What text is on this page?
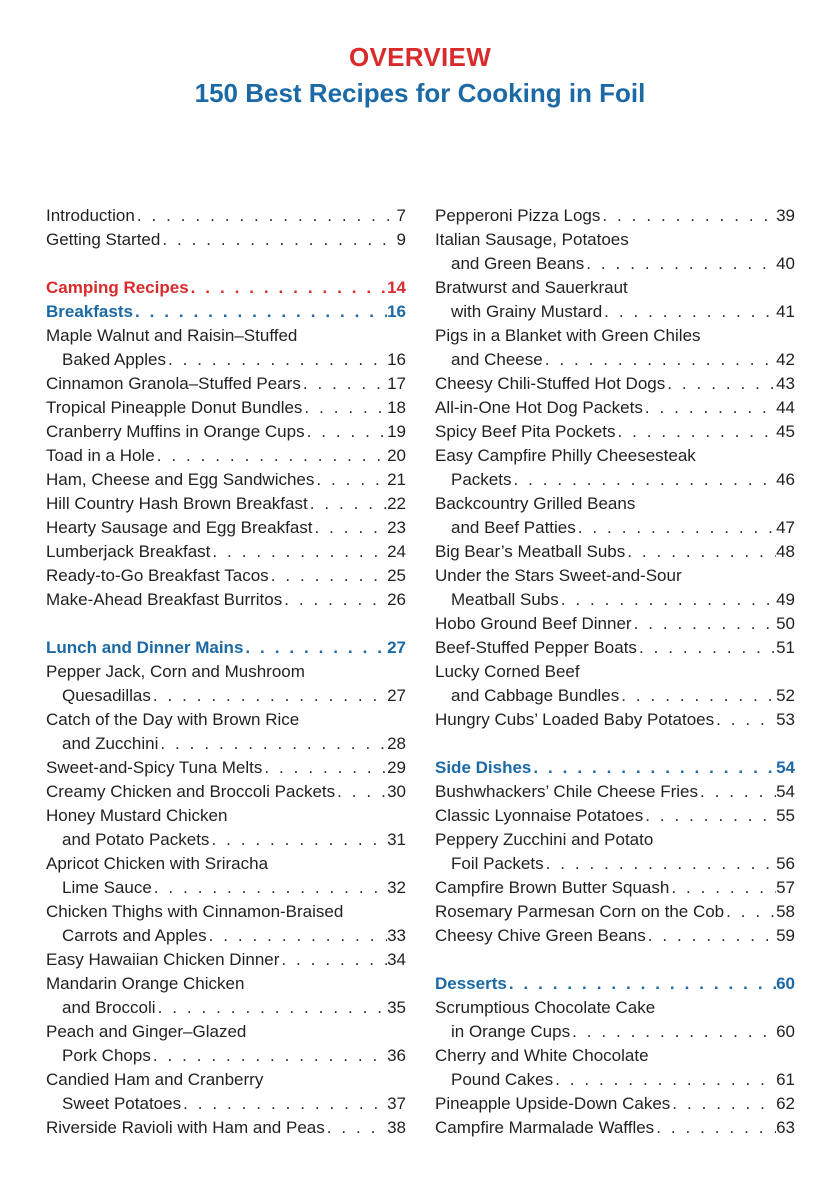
OVERVIEW
150 Best Recipes for Cooking in Foil
Introduction . . .	7
Getting Started . . .	9
Camping Recipes . . .	14
Breakfasts . . .	16
Maple Walnut and Raisin–Stuffed
Baked Apples . . .	16
Cinnamon Granola–Stuffed Pears . . .	17
Tropical Pineapple Donut Bundles . . .	18
Cranberry Muffins in Orange Cups . . .	19
Toad in a Hole . . .	20
Ham, Cheese and Egg Sandwiches . . .	21
Hill Country Hash Brown Breakfast . . .	22
Hearty Sausage and Egg Breakfast . . .	23
Lumberjack Breakfast . . .	24
Ready-to-Go Breakfast Tacos . . .	25
Make-Ahead Breakfast Burritos . . .	26
Lunch and Dinner Mains . . .	27
Pepper Jack, Corn and Mushroom
Quesadillas . . .	27
Catch of the Day with Brown Rice
and Zucchini . . .	28
Sweet-and-Spicy Tuna Melts . . .	29
Creamy Chicken and Broccoli Packets . . .	30
Honey Mustard Chicken
and Potato Packets . . .	31
Apricot Chicken with Sriracha
Lime Sauce . . .	32
Chicken Thighs with Cinnamon-Braised
Carrots and Apples . . .	33
Easy Hawaiian Chicken Dinner . . .	34
Mandarin Orange Chicken
and Broccoli . . .	35
Peach and Ginger–Glazed
Pork Chops . . .	36
Candied Ham and Cranberry
Sweet Potatoes . . .	37
Riverside Ravioli with Ham and Peas . . .	38
Pepperoni Pizza Logs . . .	39
Italian Sausage, Potatoes
and Green Beans . . .	40
Bratwurst and Sauerkraut
with Grainy Mustard . . .	41
Pigs in a Blanket with Green Chiles
and Cheese . . .	42
Cheesy Chili-Stuffed Hot Dogs . . .	43
All-in-One Hot Dog Packets . . .	44
Spicy Beef Pita Pockets . . .	45
Easy Campfire Philly Cheesesteak
Packets . . .	46
Backcountry Grilled Beans
and Beef Patties . . .	47
Big Bear’s Meatball Subs . . .	48
Under the Stars Sweet-and-Sour
Meatball Subs . . .	49
Hobo Ground Beef Dinner . . .	50
Beef-Stuffed Pepper Boats . . .	51
Lucky Corned Beef
and Cabbage Bundles . . .	52
Hungry Cubs’ Loaded Baby Potatoes . . .	53
Side Dishes . . .	54
Bushwhackers’ Chile Cheese Fries . . .	54
Classic Lyonnaise Potatoes . . .	55
Peppery Zucchini and Potato
Foil Packets . . .	56
Campfire Brown Butter Squash . . .	57
Rosemary Parmesan Corn on the Cob . . .	58
Cheesy Chive Green Beans . . .	59
Desserts . . .	60
Scrumptious Chocolate Cake
in Orange Cups . . .	60
Cherry and White Chocolate
Pound Cakes . . .	61
Pineapple Upside-Down Cakes . . .	62
Campfire Marmalade Waffles . . .	63
